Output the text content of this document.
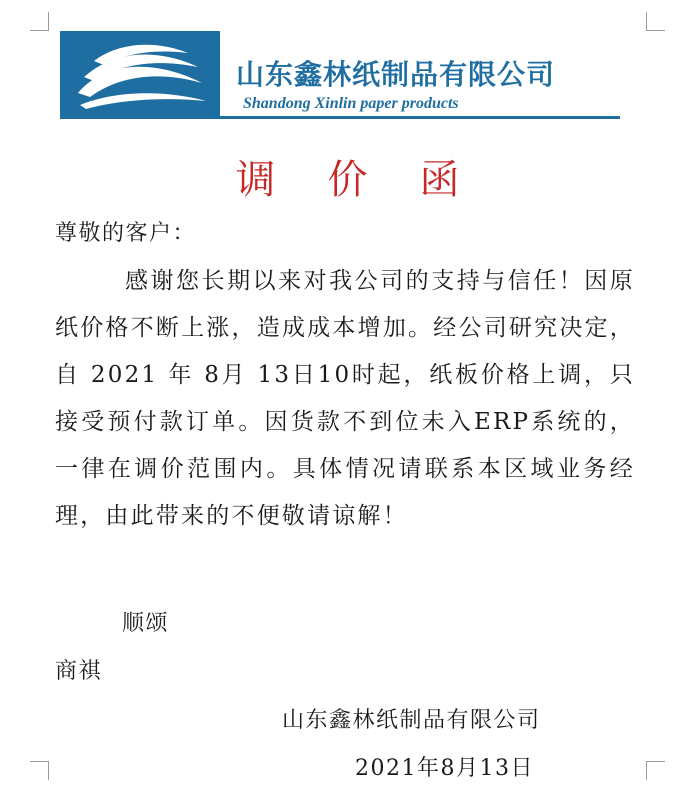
山东鑫林纸制品有限公司
Shandong Xinlin paper products
调价函
尊敬的客户：
感谢您长期以来对我公司的支持与信任！因原纸价格不断上涨，造成成本增加。经公司研究决定，自 2021 年 8月 13日10时起，纸板价格上调，只接受预付款订单。因货款不到位未入ERP系统的，一律在调价范围内。具体情况请联系本区域业务经理，由此带来的不便敬请谅解！
顺颂
商祺
山东鑫林纸制品有限公司
2021年8月13日
